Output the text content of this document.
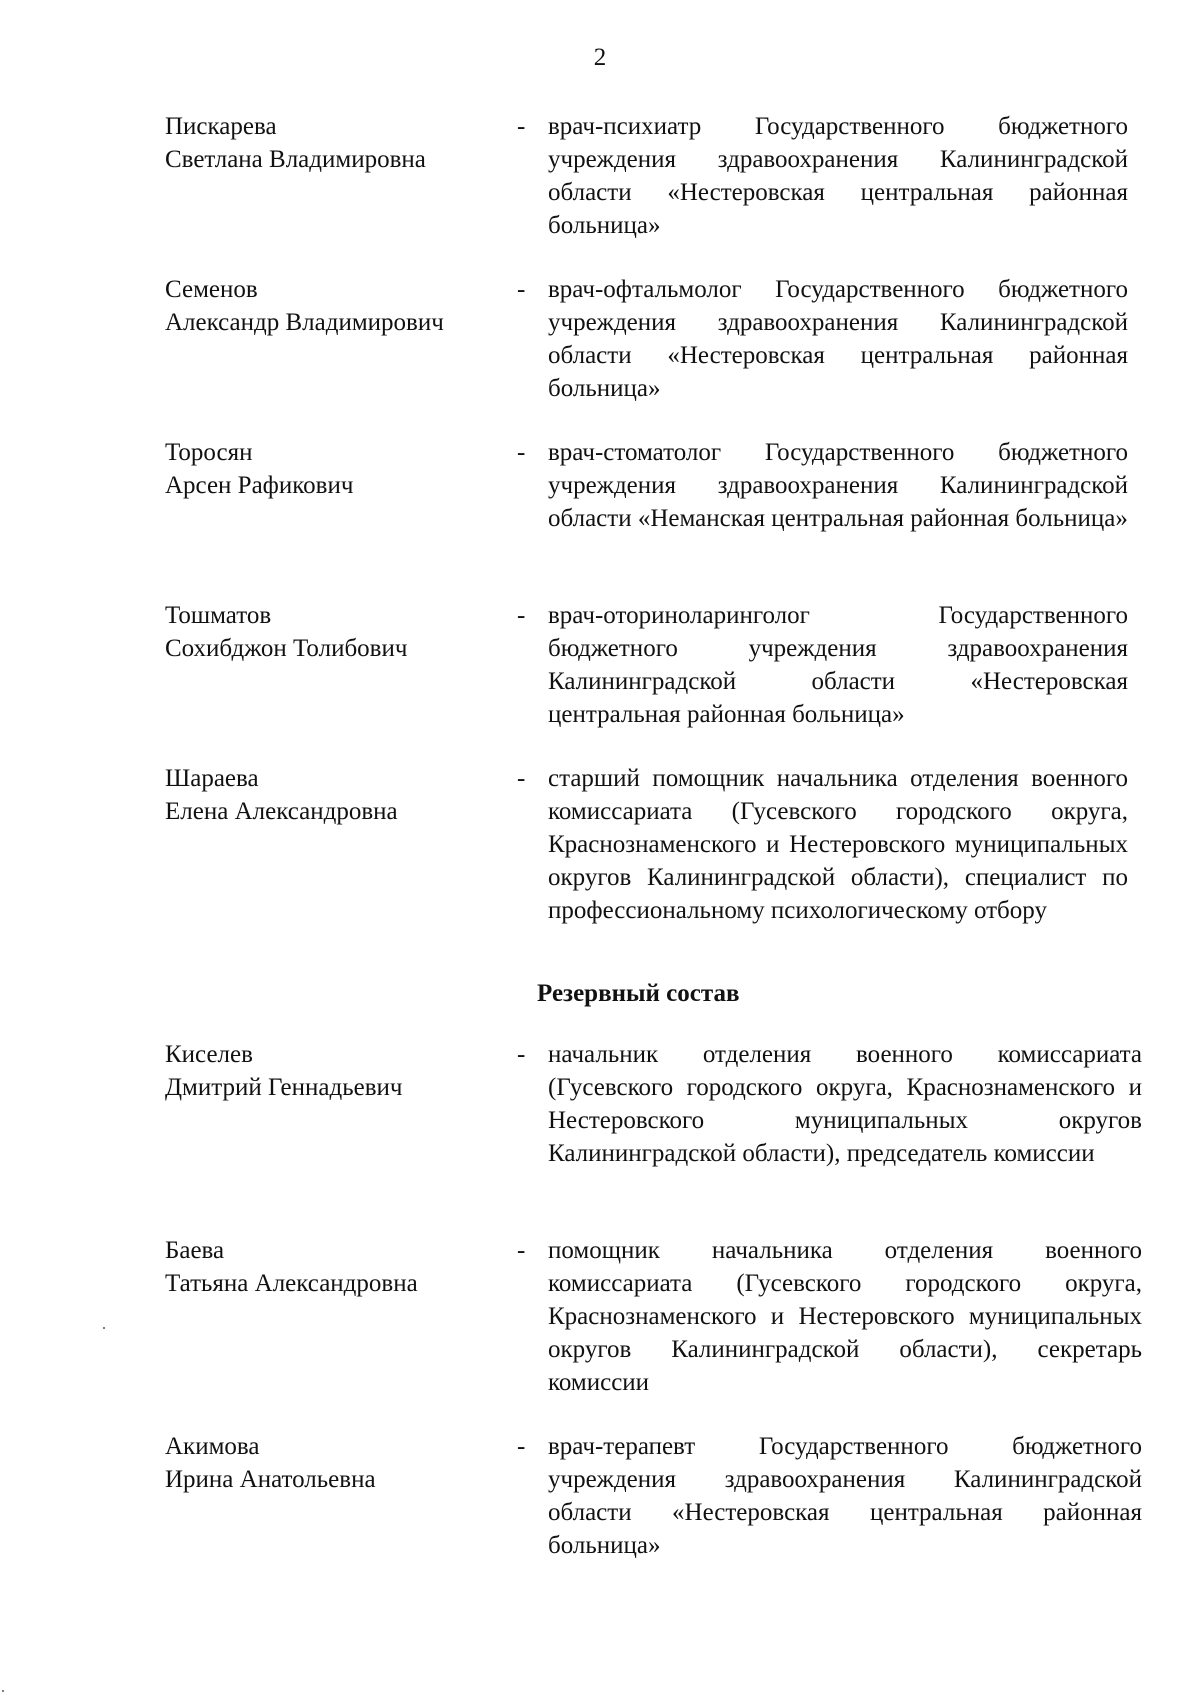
2
Пискарева
Светлана Владимировна
- врач-психиатр Государственного бюджетного учреждения здравоохранения Калининградской области «Нестеровская центральная районная больница»
Семенов
Александр Владимирович
- врач-офтальмолог Государственного бюджетного учреждения здравоохранения Калининградской области «Нестеровская центральная районная больница»
Торосян
Арсен Рафикович
- врач-стоматолог Государственного бюджетного учреждения здравоохранения Калининградской области «Неманская центральная районная больница»
Тошматов
Сохибджон Толибович
- врач-оториноларинголог Государственного бюджетного учреждения здравоохранения Калининградской области «Нестеровская центральная районная больница»
Шараева
Елена Александровна
- старший помощник начальника отделения военного комиссариата (Гусевского городского округа, Краснознаменского и Нестеровского муниципальных округов Калининградской области), специалист по профессиональному психологическому отбору
Резервный состав
Киселев
Дмитрий Геннадьевич
- начальник отделения военного комиссариата (Гусевского городского округа, Краснознаменского и Нестеровского муниципальных округов Калининградской области), председатель комиссии
Баева
Татьяна Александровна
- помощник начальника отделения военного комиссариата (Гусевского городского округа, Краснознаменского и Нестеровского муниципальных округов Калининградской области), секретарь комиссии
Акимова
Ирина Анатольевна
- врач-терапевт Государственного бюджетного учреждения здравоохранения Калининградской области «Нестеровская центральная районная больница»
